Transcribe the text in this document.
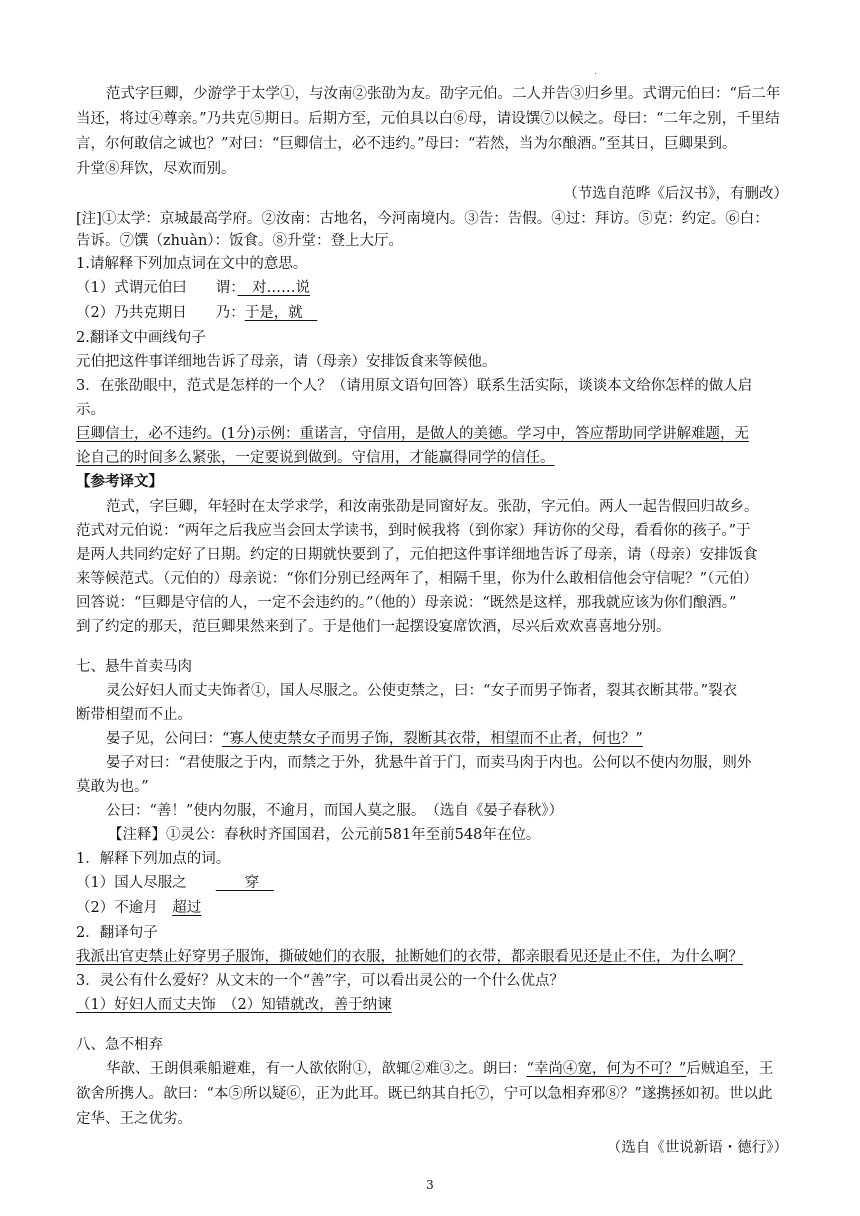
.
范式字巨卿，少游学于太学①，与汝南②张劭为友。劭字元伯。二人并告③归乡里。式谓元伯曰：“后二年
当还，将过④尊亲。”乃共克⑤期日。后期方至，元伯具以白⑥母，请设馔⑦以候之。母曰：“二年之别，千里结
言，尔何敢信之诚也？”对曰：“巨卿信士，必不违约。”母曰：“若然，当为尔酿酒。”至其日，巨卿果到。
升堂⑧拜饮，尽欢而别。
（节选自范晔《后汉书》，有删改）
[注]①太学：京城最高学府。②汝南：古地名，今河南境内。③告：告假。④过：拜访。⑤克：约定。⑥白：
告诉。⑦馔（zhuàn）：饭食。⑧升堂：登上大厅。
1.请解释下列加点词在文中的意思。
（1）式谓元伯曰　　谓：　对……说
（2）乃共克期日　　乃：于是，就　
2.翻译文中画线句子
元伯把这件事详细地告诉了母亲，请（母亲）安排饭食来等候他。
3．在张劭眼中，范式是怎样的一个人？（请用原文语句回答）联系生活实际，谈谈本文给你怎样的做人启
示。
巨卿信士，必不违约。(1分)示例：重诺言，守信用，是做人的美德。学习中，答应帮助同学讲解难题，无
论自己的时间多么紧张，一定要说到做到。守信用，才能赢得同学的信任。
【参考译文】
范式，字巨卿，年轻时在太学求学，和汝南张劭是同窗好友。张劭，字元伯。两人一起告假回归故乡。
范式对元伯说：“两年之后我应当会回太学读书，到时候我将（到你家）拜访你的父母，看看你的孩子。”于
是两人共同约定好了日期。约定的日期就快要到了，元伯把这件事详细地告诉了母亲，请（母亲）安排饭食
来等候范式。（元伯的）母亲说：“你们分别已经两年了，相隔千里，你为什么敢相信他会守信呢？”（元伯）
回答说：“巨卿是守信的人，一定不会违约的。”（他的）母亲说：“既然是这样，那我就应该为你们酿酒。”
到了约定的那天，范巨卿果然来到了。于是他们一起摆设宴席饮酒，尽兴后欢欢喜喜地分别。
七、悬牛首卖马肉
灵公好妇人而丈夫饰者①，国人尽服之。公使吏禁之，曰：“女子而男子饰者，裂其衣断其带。”裂衣
断带相望而不止。
晏子见，公问曰：“寡人使吏禁女子而男子饰，裂断其衣带，相望而不止者，何也？”
晏子对曰：“君使服之于内，而禁之于外，犹悬牛首于门，而卖马肉于内也。公何以不使内勿服，则外
莫敢为也。”
公曰：“善！”使内勿服，不逾月，而国人莫之服。　（选自《晏子春秋》）
【注释】①灵公：春秋时齐国国君，公元前581年至前548年在位。
1．解释下列加点的词。
（1）国人尽服之　　　　穿　
（2）不逾月　超过
2．翻译句子
我派出官吏禁止好穿男子服饰，撕破她们的衣服，扯断她们的衣带，都亲眼看见还是止不住，为什么啊？
3．灵公有什么爱好？从文末的一个“善”字，可以看出灵公的一个什么优点？
（1）好妇人而丈夫饰　（2）知错就改，善于纳谏
八、急不相弃
华歆、王朗俱乘船避难，有一人欲依附①，歆辄②难③之。朗曰：“幸尚④宽，何为不可？”后贼追至，王
欲舍所携人。歆曰：“本⑤所以疑⑥，正为此耳。既已纳其自托⑦，宁可以急相弃邪⑧？”遂携拯如初。世以此
定华、王之优劣。
（选自《世说新语・德行》）
3
